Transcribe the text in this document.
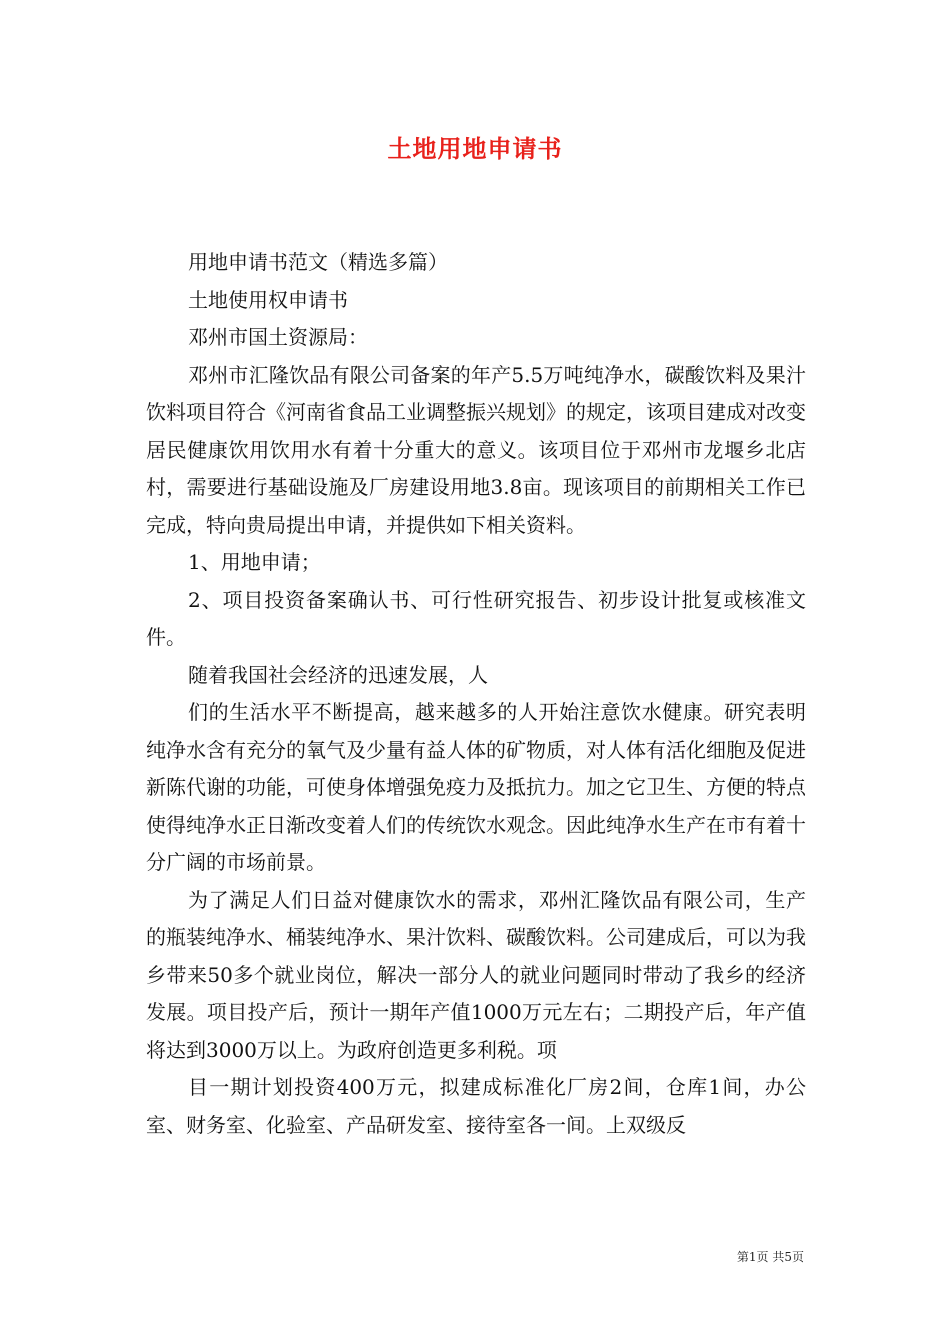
土地用地申请书

用地申请书范文（精选多篇）

土地使用权申请书

邓州市国土资源局：

邓州市汇隆饮品有限公司备案的年产5.5万吨纯净水，碳酸饮料及果汁饮料项目符合《河南省食品工业调整振兴规划》的规定，该项目建成对改变居民健康饮用饮用水有着十分重大的意义。该项目位于邓州市龙堰乡北店村，需要进行基础设施及厂房建设用地3.8亩。现该项目的前期相关工作已完成，特向贵局提出申请，并提供如下相关资料。

1、用地申请；

2、项目投资备案确认书、可行性研究报告、初步设计批复或核准文件。

随着我国社会经济的迅速发展，人

们的生活水平不断提高，越来越多的人开始注意饮水健康。研究表明纯净水含有充分的氧气及少量有益人体的矿物质，对人体有活化细胞及促进新陈代谢的功能，可使身体增强免疫力及抵抗力。加之它卫生、方便的特点使得纯净水正日渐改变着人们的传统饮水观念。因此纯净水生产在市有着十分广阔的市场前景。

为了满足人们日益对健康饮水的需求，邓州汇隆饮品有限公司，生产的瓶装纯净水、桶装纯净水、果汁饮料、碳酸饮料。公司建成后，可以为我乡带来50多个就业岗位，解决一部分人的就业问题同时带动了我乡的经济发展。项目投产后，预计一期年产值1000万元左右；二期投产后，年产值将达到3000万以上。为政府创造更多利税。项

目一期计划投资400万元，拟建成标准化厂房2间，仓库1间，办公室、财务室、化验室、产品研发室、接待室各一间。上双级反

第1页 共5页
